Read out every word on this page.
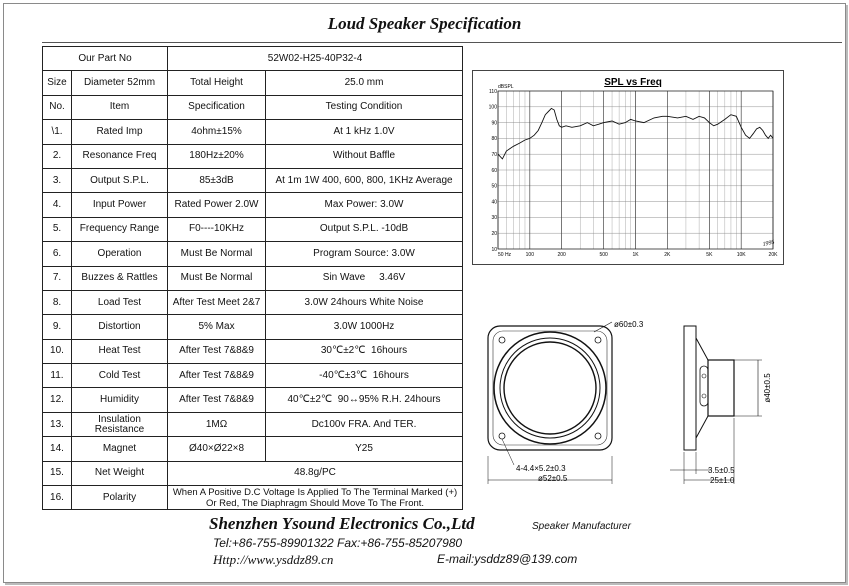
Loud Speaker Specification
Our Part No		52W02-H25-40P32-4	
Size	Diameter 52mm	Total Height	25.0 mm
No.	Item	Specification	Testing Condition
\1.	Rated Imp	4ohm±15%	At 1 kHz 1.0V
2.	Resonance Freq	180Hz±20%	Without Baffle
3.	Output S.P.L.	85±3dB	At 1m 1W 400, 600, 800, 1KHz Average
4.	Input Power	Rated Power 2.0W	Max Power: 3.0W
5.	Frequency Range	F0----10KHz	Output S.P.L. -10dB
6.	Operation	Must Be Normal	Program Source: 3.0W
7.	Buzzes & Rattles	Must Be Normal	Sin Wave     3.46V
8.	Load Test	After Test Meet 2&7	3.0W 24hours White Noise
9.	Distortion	5% Max	3.0W 1000Hz
10.	Heat Test	After Test 7&8&9	30℃±2℃  16hours
11.	Cold Test	After Test 7&8&9	-40℃±3℃  16hours
12.	Humidity	After Test 7&8&9	40℃±2℃  90↔95% R.H. 24hours
13.	Insulation Resistance	1MΩ	Dc100v FRA. And TER.
14.	Magnet	Ø40×Ø22×8	Y25
15.	Net Weight	48.8g/PC	
16.	Polarity	When A Positive D.C Voltage Is Applied To The Terminal Marked (+) Or Red, The Diaphragm Should Move To The Front.	
SPL vs Freq
dBSPL
10
20
30
40
50
60
70
80
90
100
110
50 Hz	100	200	500	1K	2K	5K	10K	20K
1995
ø60±0.3
4-4.4×5.2±0.3
ø52±0.5
ø40±0.5
3.5±0.5
25±1.0
Shenzhen Ysound Electronics Co.,Ltd	Speaker Manufacturer
Tel:+86-755-89901322 Fax:+86-755-85207980
Http://www.ysddz89.cn	E-mail:ysddz89@139.com
